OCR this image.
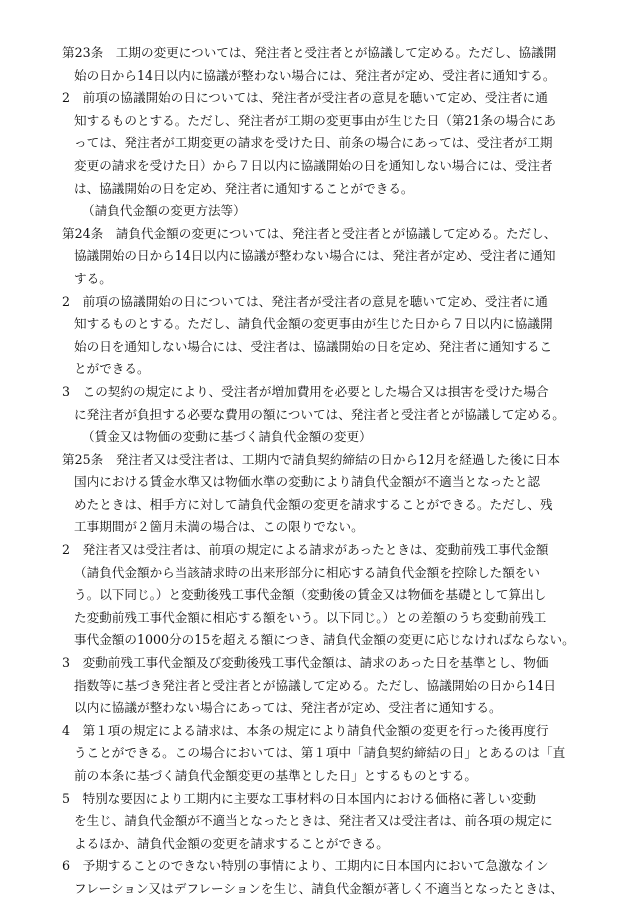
第23条　工期の変更については、発注者と受注者とが協議して定める。ただし、協議開
始の日から14日以内に協議が整わない場合には、発注者が定め、受注者に通知する。
2　前項の協議開始の日については、発注者が受注者の意見を聴いて定め、受注者に通
知するものとする。ただし、発注者が工期の変更事由が生じた日（第21条の場合にあ
っては、発注者が工期変更の請求を受けた日、前条の場合にあっては、受注者が工期
変更の請求を受けた日）から７日以内に協議開始の日を通知しない場合には、受注者
は、協議開始の日を定め、発注者に通知することができる。
（請負代金額の変更方法等）
第24条　請負代金額の変更については、発注者と受注者とが協議して定める。ただし、
協議開始の日から14日以内に協議が整わない場合には、発注者が定め、受注者に通知
する。
2　前項の協議開始の日については、発注者が受注者の意見を聴いて定め、受注者に通
知するものとする。ただし、請負代金額の変更事由が生じた日から７日以内に協議開
始の日を通知しない場合には、受注者は、協議開始の日を定め、発注者に通知するこ
とができる。
3　この契約の規定により、受注者が増加費用を必要とした場合又は損害を受けた場合
に発注者が負担する必要な費用の額については、発注者と受注者とが協議して定める。
（賃金又は物価の変動に基づく請負代金額の変更）
第25条　発注者又は受注者は、工期内で請負契約締結の日から12月を経過した後に日本
国内における賃金水準又は物価水準の変動により請負代金額が不適当となったと認
めたときは、相手方に対して請負代金額の変更を請求することができる。ただし、残
工事期間が２箇月未満の場合は、この限りでない。
2　発注者又は受注者は、前項の規定による請求があったときは、変動前残工事代金額
（請負代金額から当該請求時の出来形部分に相応する請負代金額を控除した額をい
う。以下同じ。）と変動後残工事代金額（変動後の賃金又は物価を基礎として算出し
た変動前残工事代金額に相応する額をいう。以下同じ。）との差額のうち変動前残工
事代金額の1000分の15を超える額につき、請負代金額の変更に応じなければならない。
3　変動前残工事代金額及び変動後残工事代金額は、請求のあった日を基準とし、物価
指数等に基づき発注者と受注者とが協議して定める。ただし、協議開始の日から14日
以内に協議が整わない場合にあっては、発注者が定め、受注者に通知する。
4　第１項の規定による請求は、本条の規定により請負代金額の変更を行った後再度行
うことができる。この場合においては、第１項中「請負契約締結の日」とあるのは「直
前の本条に基づく請負代金額変更の基準とした日」とするものとする。
5　特別な要因により工期内に主要な工事材料の日本国内における価格に著しい変動
を生じ、請負代金額が不適当となったときは、発注者又は受注者は、前各項の規定に
よるほか、請負代金額の変更を請求することができる。
6　予期することのできない特別の事情により、工期内に日本国内において急激なイン
フレーション又はデフレーションを生じ、請負代金額が著しく不適当となったときは、
